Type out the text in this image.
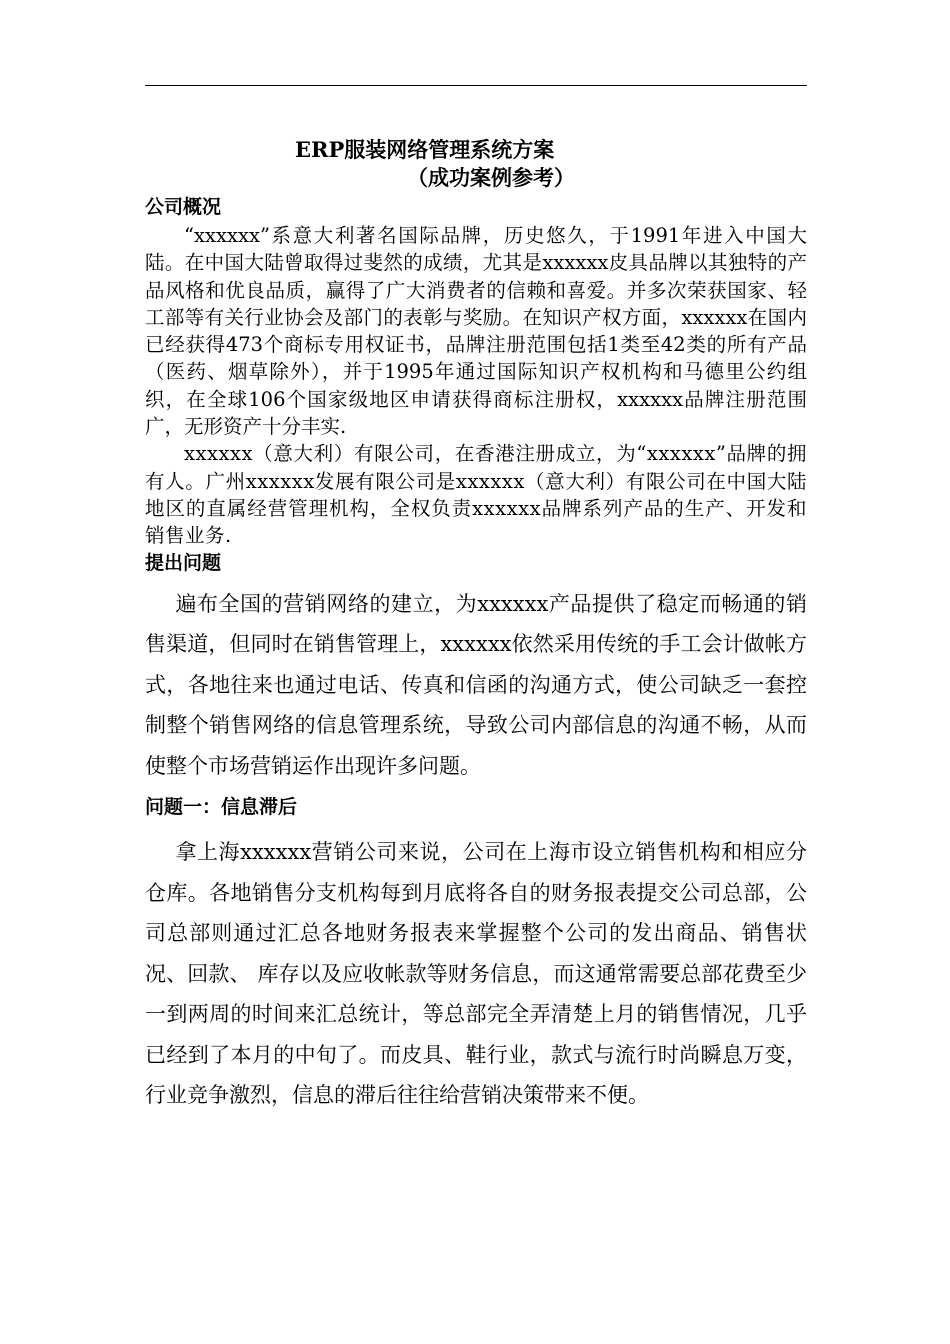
ERP服装网络管理系统方案
（成功案例参考）
公司概况

“xxxxxx”系意大利著名国际品牌，历史悠久，于1991年进入中国大陆。在中国大陆曾取得过斐然的成绩，尤其是xxxxxx皮具品牌以其独特的产品风格和优良品质，赢得了广大消费者的信赖和喜爱。并多次荣获国家、轻工部等有关行业协会及部门的表彰与奖励。在知识产权方面，xxxxxx在国内已经获得473个商标专用权证书，品牌注册范围包括1类至42类的所有产品（医药、烟草除外），并于1995年通过国际知识产权机构和马德里公约组织，在全球106个国家级地区申请获得商标注册权，xxxxxx品牌注册范围广，无形资产十分丰实.

xxxxxx（意大利）有限公司，在香港注册成立，为“xxxxxx”品牌的拥有人。广州xxxxxx发展有限公司是xxxxxx（意大利）有限公司在中国大陆地区的直属经营管理机构，全权负责xxxxxx品牌系列产品的生产、开发和销售业务.

提出问题

遍布全国的营销网络的建立，为xxxxxx产品提供了稳定而畅通的销售渠道，但同时在销售管理上，xxxxxx依然采用传统的手工会计做帐方式，各地往来也通过电话、传真和信函的沟通方式，使公司缺乏一套控制整个销售网络的信息管理系统，导致公司内部信息的沟通不畅，从而使整个市场营销运作出现许多问题。

问题一：信息滞后

拿上海xxxxxx营销公司来说，公司在上海市设立销售机构和相应分仓库。各地销售分支机构每到月底将各自的财务报表提交公司总部，公司总部则通过汇总各地财务报表来掌握整个公司的发出商品、销售状况、回款、 库存以及应收帐款等财务信息，而这通常需要总部花费至少一到两周的时间来汇总统计，等总部完全弄清楚上月的销售情况，几乎已经到了本月的中旬了。而皮具、鞋行业，款式与流行时尚瞬息万变，行业竞争激烈，信息的滞后往往给营销决策带来不便。
